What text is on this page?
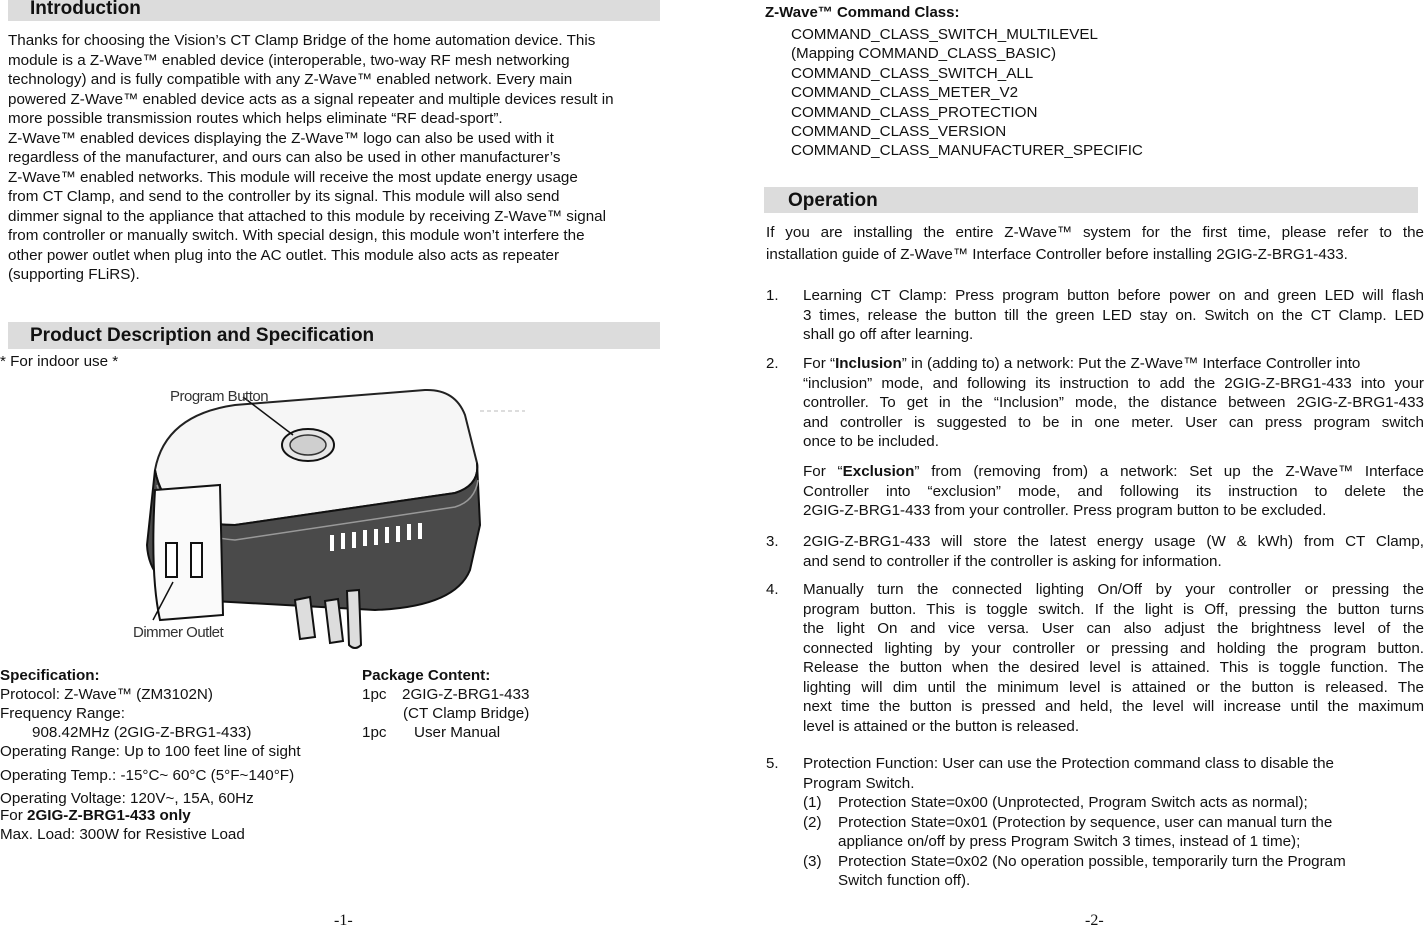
Introduction
Thanks for choosing the Vision’s CT Clamp Bridge of the home automation device. This
module is a Z-Wave™ enabled device (interoperable, two-way RF mesh networking
technology) and is fully compatible with any Z-Wave™ enabled network. Every main
powered Z-Wave™ enabled device acts as a signal repeater and multiple devices result in
more possible transmission routes which helps eliminate “RF dead-sport”.
Z-Wave™ enabled devices displaying the Z-Wave™ logo can also be used with it
regardless of the manufacturer, and ours can also be used in other manufacturer’s
Z-Wave™ enabled networks. This module will receive the most update energy usage
from CT Clamp, and send to the controller by its signal. This module will also send
dimmer signal to the appliance that attached to this module by receiving Z-Wave™ signal
from controller or manually switch. With special design, this module won’t interfere the
other power outlet when plug into the AC outlet. This module also acts as repeater
(supporting FLiRS).
Product Description and Specification
* For indoor use *
Program Button
Dimmer Outlet
Specification:
Protocol: Z-Wave™ (ZM3102N)
Frequency Range:
908.42MHz (2GIG-Z-BRG1-433)
Operating Range: Up to 100 feet line of sight
Operating Temp.: -15°C~ 60°C (5°F~140°F)
Operating Voltage: 120V~, 15A, 60Hz
For 2GIG-Z-BRG1-433 only
Max. Load: 300W for Resistive Load
Package Content:
1pc 2GIG-Z-BRG1-433
(CT Clamp Bridge)
1pc User Manual
-1-
Z-Wave™ Command Class:
COMMAND_CLASS_SWITCH_MULTILEVEL
(Mapping COMMAND_CLASS_BASIC)
COMMAND_CLASS_SWITCH_ALL
COMMAND_CLASS_METER_V2
COMMAND_CLASS_PROTECTION
COMMAND_CLASS_VERSION
COMMAND_CLASS_MANUFACTURER_SPECIFIC
Operation
If you are installing the entire Z-Wave™ system for the first time, please refer to the
installation guide of Z-Wave™ Interface Controller before installing 2GIG-Z-BRG1-433.
1. Learning CT Clamp: Press program button before power on and green LED will flash
3 times, release the button till the green LED stay on. Switch on the CT Clamp. LED
shall go off after learning.
2. For “Inclusion” in (adding to) a network: Put the Z-Wave™ Interface Controller into
“inclusion” mode, and following its instruction to add the 2GIG-Z-BRG1-433 into your
controller. To get in the “Inclusion” mode, the distance between 2GIG-Z-BRG1-433
and controller is suggested to be in one meter. User can press program switch
once to be included.
For “Exclusion” from (removing from) a network: Set up the Z-Wave™ Interface
Controller into “exclusion” mode, and following its instruction to delete the
2GIG-Z-BRG1-433 from your controller. Press program button to be excluded.
3. 2GIG-Z-BRG1-433 will store the latest energy usage (W & kWh) from CT Clamp,
and send to controller if the controller is asking for information.
4. Manually turn the connected lighting On/Off by your controller or pressing the
program button. This is toggle switch. If the light is Off, pressing the button turns
the light On and vice versa. User can also adjust the brightness level of the
connected lighting by your controller or pressing and holding the program button.
Release the button when the desired level is attained. This is toggle function. The
lighting will dim until the minimum level is attained or the button is released. The
next time the button is pressed and held, the level will increase until the maximum
level is attained or the button is released.
5. Protection Function: User can use the Protection command class to disable the
Program Switch.
(1)	Protection State=0x00 (Unprotected, Program Switch acts as normal);
(2)	Protection State=0x01 (Protection by sequence, user can manual turn the
appliance on/off by press Program Switch 3 times, instead of 1 time);
(3)	Protection State=0x02 (No operation possible, temporarily turn the Program
Switch function off).
-2-
